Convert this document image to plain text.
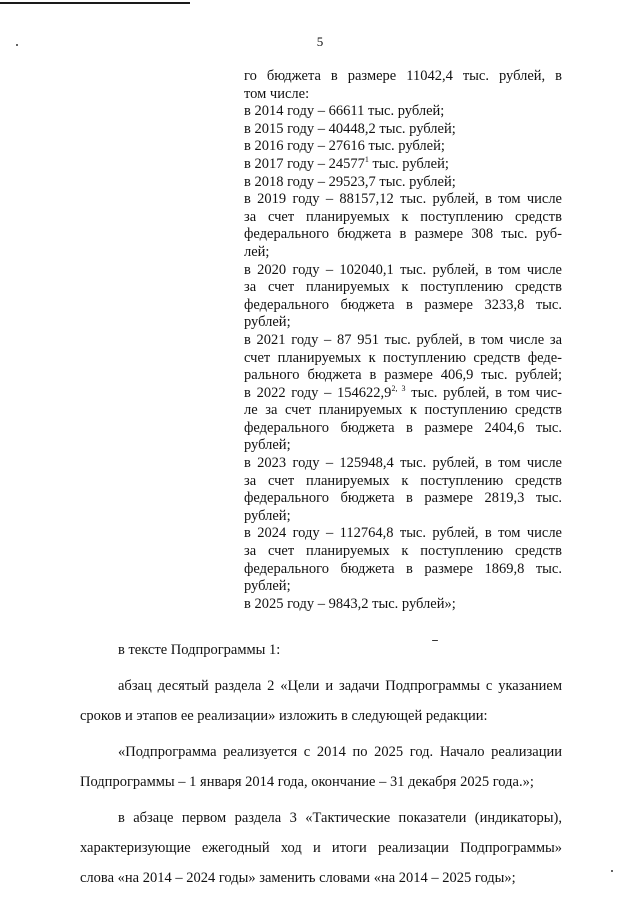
5
го бюджета в размере 11042,4 тыс. рублей, в
том числе:
в 2014 году – 66611 тыс. рублей;
в 2015 году – 40448,2 тыс. рублей;
в 2016 году – 27616 тыс. рублей;
в 2017 году – 24577$^1$ тыс. рублей;
в 2018 году – 29523,7 тыс. рублей;
в 2019 году – 88157,12 тыс. рублей, в том числе
за счет планируемых к поступлению средств
федерального бюджета в размере 308 тыс. руб-
лей;
в 2020 году – 102040,1 тыс. рублей, в том числе
за счет планируемых к поступлению средств
федерального бюджета в размере 3233,8 тыс.
рублей;
в 2021 году – 87 951 тыс. рублей, в том числе за
счет планируемых к поступлению средств феде-
рального бюджета в размере 406,9 тыс. рублей;
в 2022 году – 154622,9$^{2, 3}$ тыс. рублей, в том чис-
ле за счет планируемых к поступлению средств
федерального бюджета в размере 2404,6 тыс.
рублей;
в 2023 году – 125948,4 тыс. рублей, в том числе
за счет планируемых к поступлению средств
федерального бюджета в размере 2819,3 тыс.
рублей;
в 2024 году – 112764,8 тыс. рублей, в том числе
за счет планируемых к поступлению средств
федерального бюджета в размере 1869,8 тыс.
рублей;
в 2025 году – 9843,2 тыс. рублей»;

в тексте Подпрограммы 1:

абзац десятый раздела 2 «Цели и задачи Подпрограммы с указанием

сроков и этапов ее реализации» изложить в следующей редакции:

«Подпрограмма реализуется с 2014 по 2025 год. Начало реализации

Подпрограммы – 1 января 2014 года, окончание – 31 декабря 2025 года.»;

в абзаце первом раздела 3 «Тактические показатели (индикаторы),

характеризующие ежегодный ход и итоги реализации Подпрограммы»

слова «на 2014 – 2024 годы» заменить словами «на 2014 – 2025 годы»;
